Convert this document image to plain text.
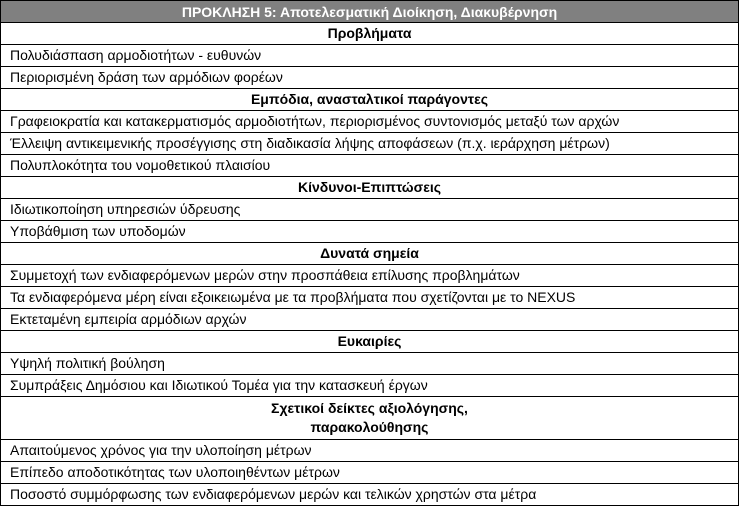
ΠΡΟΚΛΗΣΗ 5: Αποτελεσματική Διοίκηση, Διακυβέρνηση
Προβλήματα
Πολυδιάσπαση αρμοδιοτήτων - ευθυνών
Περιορισμένη δράση των αρμόδιων φορέων
Εμπόδια, ανασταλτικοί παράγοντες
Γραφειοκρατία και κατακερματισμός αρμοδιοτήτων, περιορισμένος συντονισμός μεταξύ των αρχών
Έλλειψη αντικειμενικής προσέγγισης στη διαδικασία λήψης αποφάσεων (π.χ. ιεράρχηση μέτρων)
Πολυπλοκότητα του νομοθετικού πλαισίου
Κίνδυνοι-Επιπτώσεις
Ιδιωτικοποίηση υπηρεσιών ύδρευσης
Υποβάθμιση των υποδομών
Δυνατά σημεία
Συμμετοχή των ενδιαφερόμενων μερών στην προσπάθεια επίλυσης προβλημάτων
Τα ενδιαφερόμενα μέρη είναι εξοικειωμένα με τα προβλήματα που σχετίζονται με το NEXUS
Εκτεταμένη εμπειρία αρμόδιων αρχών
Ευκαιρίες
Υψηλή πολιτική βούληση
Συμπράξεις Δημόσιου και Ιδιωτικού Τομέα για την κατασκευή έργων
Σχετικοί δείκτες αξιολόγησης,
παρακολούθησης
Απαιτούμενος χρόνος για την υλοποίηση μέτρων
Επίπεδο αποδοτικότητας των υλοποιηθέντων μέτρων
Ποσοστό συμμόρφωσης των ενδιαφερόμενων μερών και τελικών χρηστών στα μέτρα
